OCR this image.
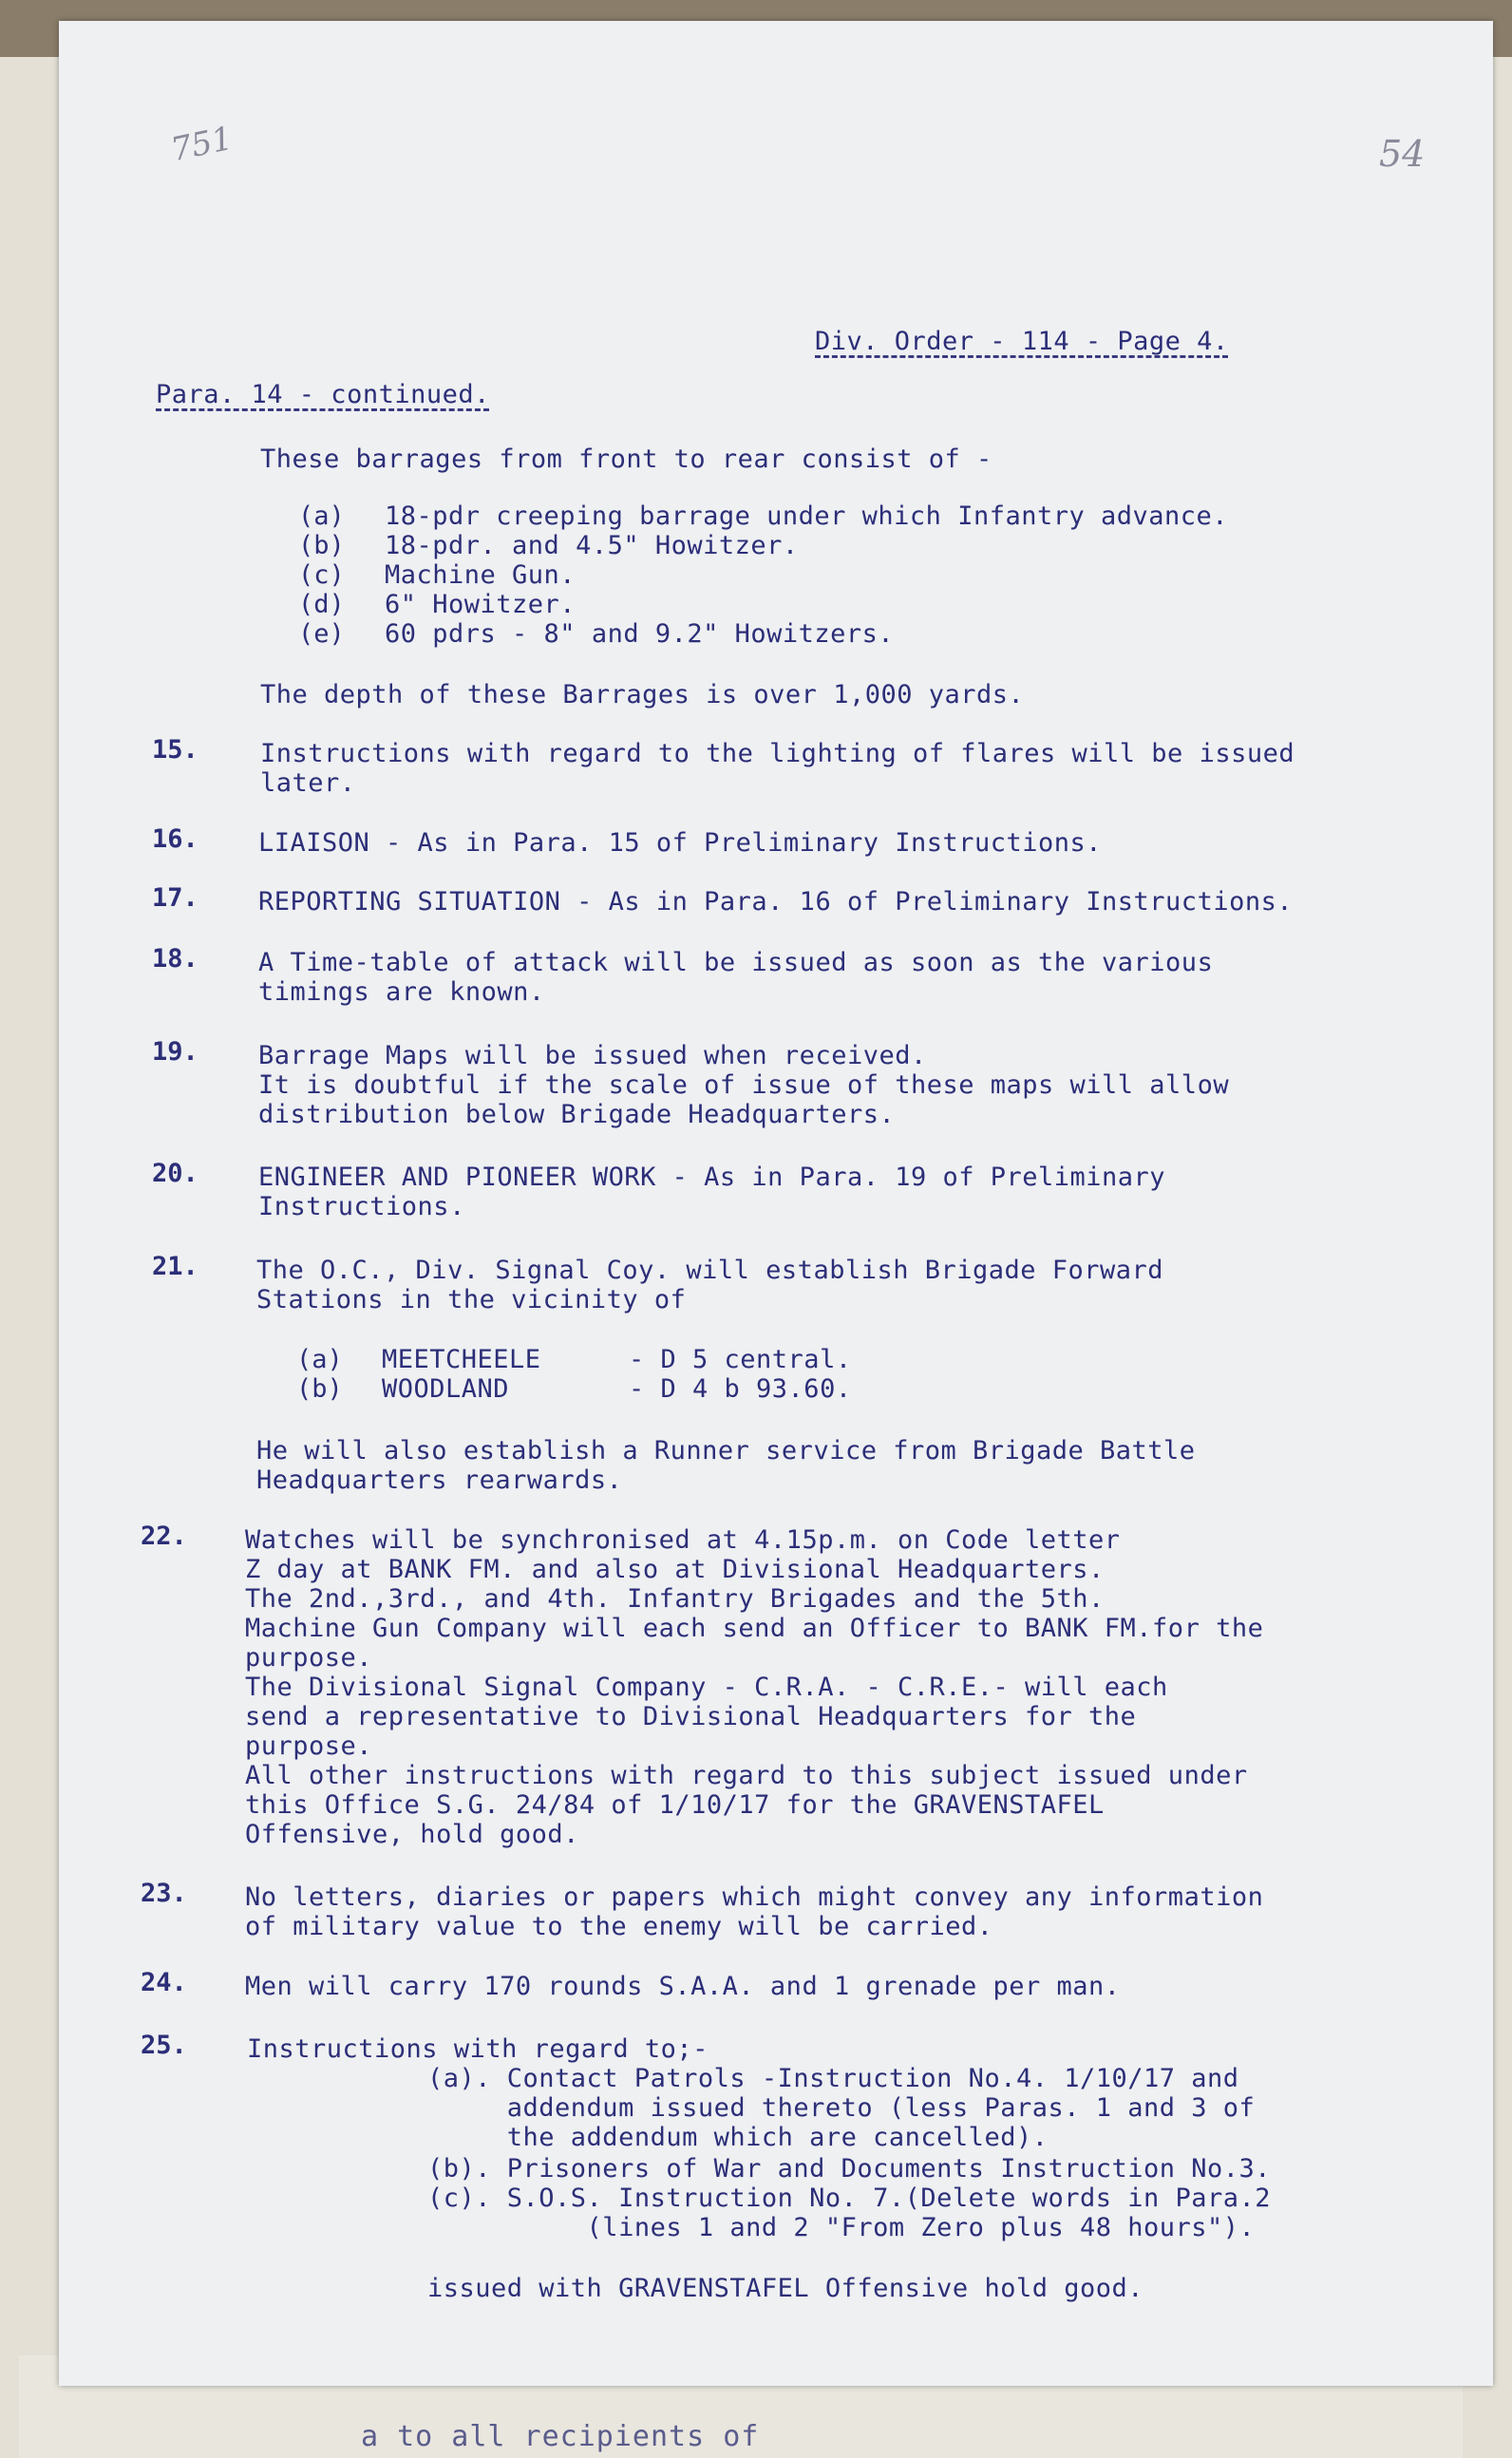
a to all recipients of
751	54
Div. Order - 114 - Page 4.
Para. 14 - continued.
These barrages from front to rear consist of -
(a) 18-pdr creeping barrage under which Infantry advance.
(b) 18-pdr. and 4.5" Howitzer.
(c) Machine Gun.
(d) 6" Howitzer.
(e) 60 pdrs - 8" and 9.2" Howitzers.
The depth of these Barrages is over 1,000 yards.
15. Instructions with regard to the lighting of flares will be issued
later.
16. LIAISON - As in Para. 15 of Preliminary Instructions.
17. REPORTING SITUATION - As in Para. 16 of Preliminary Instructions.
18. A Time-table of attack will be issued as soon as the various
timings are known.
19. Barrage Maps will be issued when received.
It is doubtful if the scale of issue of these maps will allow
distribution below Brigade Headquarters.
20. ENGINEER AND PIONEER WORK - As in Para. 19 of Preliminary
Instructions.
21. The O.C., Div. Signal Coy. will establish Brigade Forward
Stations in the vicinity of
(a) MEETCHEELE	- D 5 central.
(b) WOODLAND	- D 4 b 93.60.
He will also establish a Runner service from Brigade Battle
Headquarters rearwards.
22. Watches will be synchronised at 4.15p.m. on Code letter
Z day at BANK FM. and also at Divisional Headquarters.
The 2nd.,3rd., and 4th. Infantry Brigades and the 5th.
Machine Gun Company will each send an Officer to BANK FM.for the
purpose.
The Divisional Signal Company - C.R.A. - C.R.E.- will each
send a representative to Divisional Headquarters for the
purpose.
All other instructions with regard to this subject issued under
this Office S.G. 24/84 of 1/10/17 for the GRAVENSTAFEL
Offensive, hold good.
23. No letters, diaries or papers which might convey any information
of military value to the enemy will be carried.
24. Men will carry 170 rounds S.A.A. and 1 grenade per man.
25. Instructions with regard to;-
(a). Contact Patrols -Instruction No.4. 1/10/17 and
addendum issued thereto (less Paras. 1 and 3 of
the addendum which are cancelled).
(b). Prisoners of War and Documents Instruction No.3.
(c). S.O.S. Instruction No. 7.(Delete words in Para.2
(lines 1 and 2 "From Zero plus 48 hours").
issued with GRAVENSTAFEL Offensive hold good.
